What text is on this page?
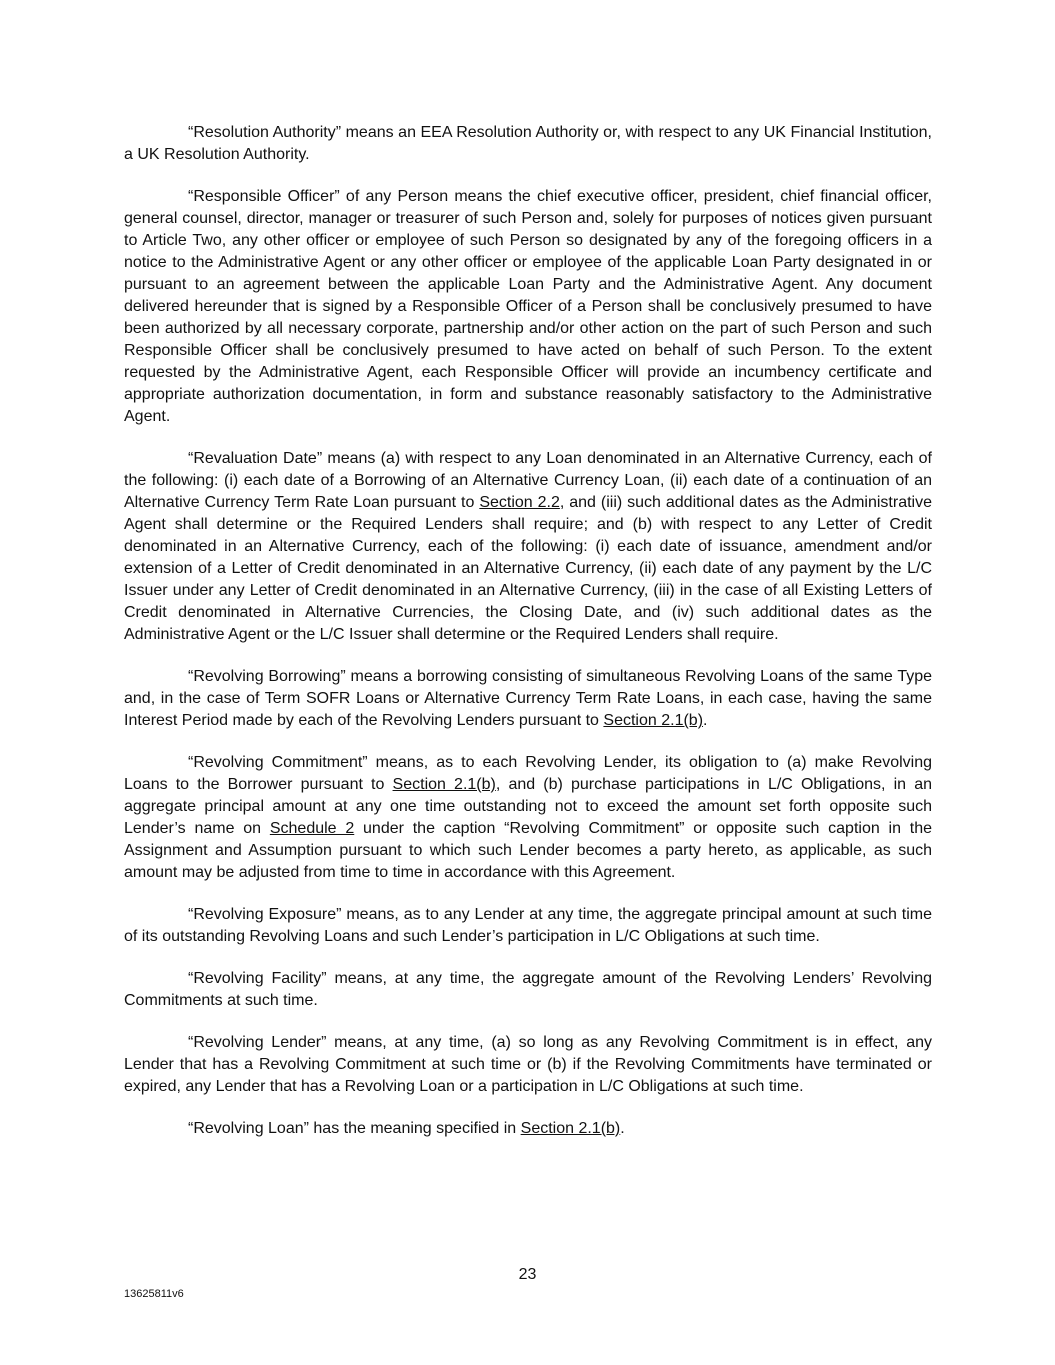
“Resolution Authority” means an EEA Resolution Authority or, with respect to any UK Financial Institution, a UK Resolution Authority.

“Responsible Officer” of any Person means the chief executive officer, president, chief financial officer, general counsel, director, manager or treasurer of such Person and, solely for purposes of notices given pursuant to Article Two, any other officer or employee of such Person so designated by any of the foregoing officers in a notice to the Administrative Agent or any other officer or employee of the applicable Loan Party designated in or pursuant to an agreement between the applicable Loan Party and the Administrative Agent. Any document delivered hereunder that is signed by a Responsible Officer of a Person shall be conclusively presumed to have been authorized by all necessary corporate, partnership and/or other action on the part of such Person and such Responsible Officer shall be conclusively presumed to have acted on behalf of such Person. To the extent requested by the Administrative Agent, each Responsible Officer will provide an incumbency certificate and appropriate authorization documentation, in form and substance reasonably satisfactory to the Administrative Agent.

“Revaluation Date” means (a) with respect to any Loan denominated in an Alternative Currency, each of the following: (i) each date of a Borrowing of an Alternative Currency Loan, (ii) each date of a continuation of an Alternative Currency Term Rate Loan pursuant to Section 2.2, and (iii) such additional dates as the Administrative Agent shall determine or the Required Lenders shall require; and (b) with respect to any Letter of Credit denominated in an Alternative Currency, each of the following: (i) each date of issuance, amendment and/or extension of a Letter of Credit denominated in an Alternative Currency, (ii) each date of any payment by the L/C Issuer under any Letter of Credit denominated in an Alternative Currency, (iii) in the case of all Existing Letters of Credit denominated in Alternative Currencies, the Closing Date, and (iv) such additional dates as the Administrative Agent or the L/C Issuer shall determine or the Required Lenders shall require.

“Revolving Borrowing” means a borrowing consisting of simultaneous Revolving Loans of the same Type and, in the case of Term SOFR Loans or Alternative Currency Term Rate Loans, in each case, having the same Interest Period made by each of the Revolving Lenders pursuant to Section 2.1(b).

“Revolving Commitment” means, as to each Revolving Lender, its obligation to (a) make Revolving Loans to the Borrower pursuant to Section 2.1(b), and (b) purchase participations in L/C Obligations, in an aggregate principal amount at any one time outstanding not to exceed the amount set forth opposite such Lender’s name on Schedule 2 under the caption “Revolving Commitment” or opposite such caption in the Assignment and Assumption pursuant to which such Lender becomes a party hereto, as applicable, as such amount may be adjusted from time to time in accordance with this Agreement.

“Revolving Exposure” means, as to any Lender at any time, the aggregate principal amount at such time of its outstanding Revolving Loans and such Lender’s participation in L/C Obligations at such time.

“Revolving Facility” means, at any time, the aggregate amount of the Revolving Lenders’ Revolving Commitments at such time.

“Revolving Lender” means, at any time, (a) so long as any Revolving Commitment is in effect, any Lender that has a Revolving Commitment at such time or (b) if the Revolving Commitments have terminated or expired, any Lender that has a Revolving Loan or a participation in L/C Obligations at such time.

“Revolving Loan” has the meaning specified in Section 2.1(b).

23
13625811v6
